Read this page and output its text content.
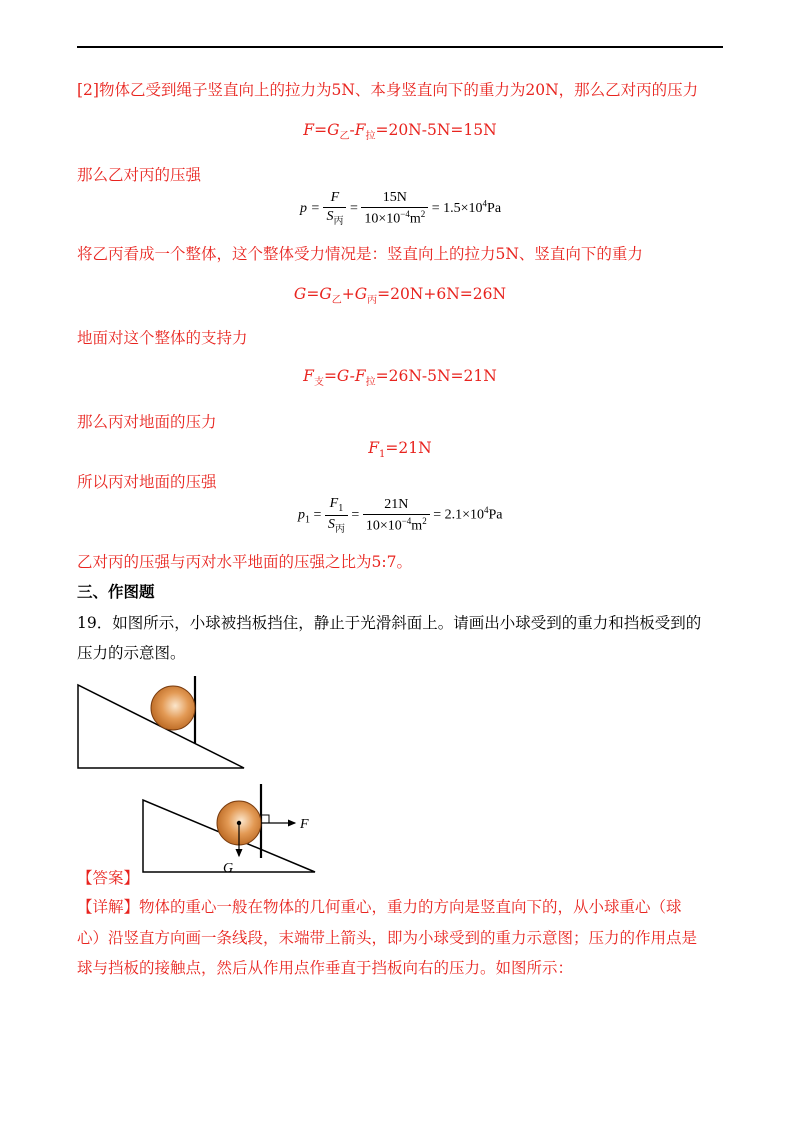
[2]物体乙受到绳子竖直向上的拉力为5N、本身竖直向下的重力为20N，那么乙对丙的压力
$F=G_乙-F_拉=20N-5N=15N$
那么乙对丙的压强
$p = \frac{F}{S_丙} = \frac{15N}{10\times 10^{-4}m^2} = 1.5\times 10^4Pa$
将乙丙看成一个整体，这个整体受力情况是：竖直向上的拉力5N、竖直向下的重力
$G=G_乙+G_丙=20N+6N=26N$
地面对这个整体的支持力
$F_支=G-F_拉=26N-5N=21N$
那么丙对地面的压力
$F_1=21N$
所以丙对地面的压强
$p_1 = \frac{F_1}{S_丙} = \frac{21N}{10\times 10^{-4}m^2} = 2.1\times 10^4Pa$
乙对丙的压强与丙对水平地面的压强之比为5:7。
三、作图题
19．如图所示，小球被挡板挡住，静止于光滑斜面上。请画出小球受到的重力和挡板受到的
压力的示意图。
F
G
【答案】
【详解】物体的重心一般在物体的几何重心，重力的方向是竖直向下的，从小球重心（球
心）沿竖直方向画一条线段，末端带上箭头，即为小球受到的重力示意图；压力的作用点是
球与挡板的接触点，然后从作用点作垂直于挡板向右的压力。如图所示：
